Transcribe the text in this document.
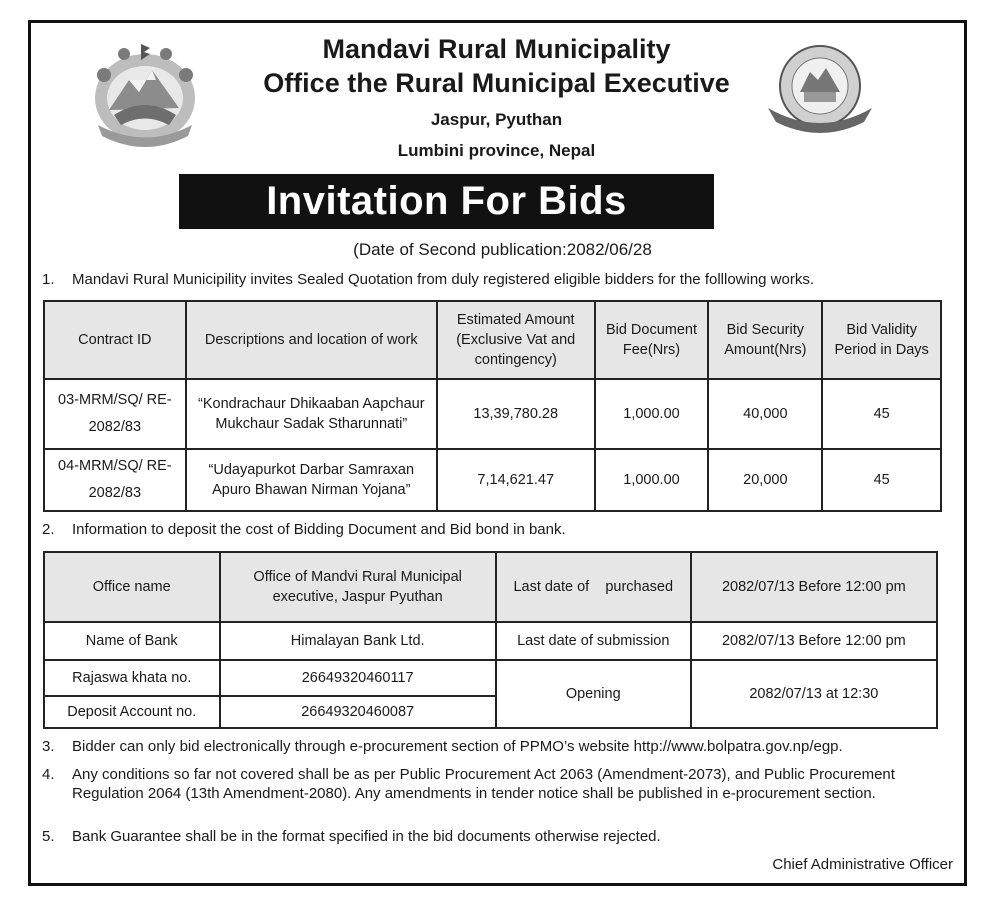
Mandavi Rural Municipality
Office the Rural Municipal Executive
Jaspur, Pyuthan
Lumbini province, Nepal
Invitation For Bids
(Date of Second publication:2082/06/28
1. Mandavi Rural Municipility invites Sealed Quotation from duly registered eligible bidders for the folllowing works.
Contract ID	Descriptions and location of work	Estimated Amount (Exclusive Vat and contingency)	Bid Document Fee(Nrs)	Bid Security Amount(Nrs)	Bid Validity Period in Days
03-MRM/SQ/ RE-2082/83	“Kondrachaur Dhikaaban Aapchaur Mukchaur Sadak Stharunnati”	13,39,780.28	1,000.00	40,000	45
04-MRM/SQ/ RE-2082/83	“Udayapurkot Darbar Samraxan Apuro Bhawan Nirman Yojana”	7,14,621.47	1,000.00	20,000	45
2. Information to deposit the cost of Bidding Document and Bid bond in bank.
Office name	Office of Mandvi Rural Municipal executive, Jaspur Pyuthan	Last date of    purchased	2082/07/13 Before 12:00 pm
Name of Bank	Himalayan Bank Ltd.	Last date of submission	2082/07/13 Before 12:00 pm
Rajaswa khata no.	26649320460117	Opening	2082/07/13 at 12:30
Deposit Account no.	26649320460087		
3. Bidder can only bid electronically through e-procurement section of PPMO’s website http://www.bolpatra.gov.np/egp.
4. Any conditions so far not covered shall be as per Public Procurement Act 2063 (Amendment-2073), and Public Procurement Regulation 2064 (13th Amendment-2080). Any amendments in tender notice shall be published in e-procurement section.
5. Bank Guarantee shall be in the format specified in the bid documents otherwise rejected.
Chief Administrative Officer
